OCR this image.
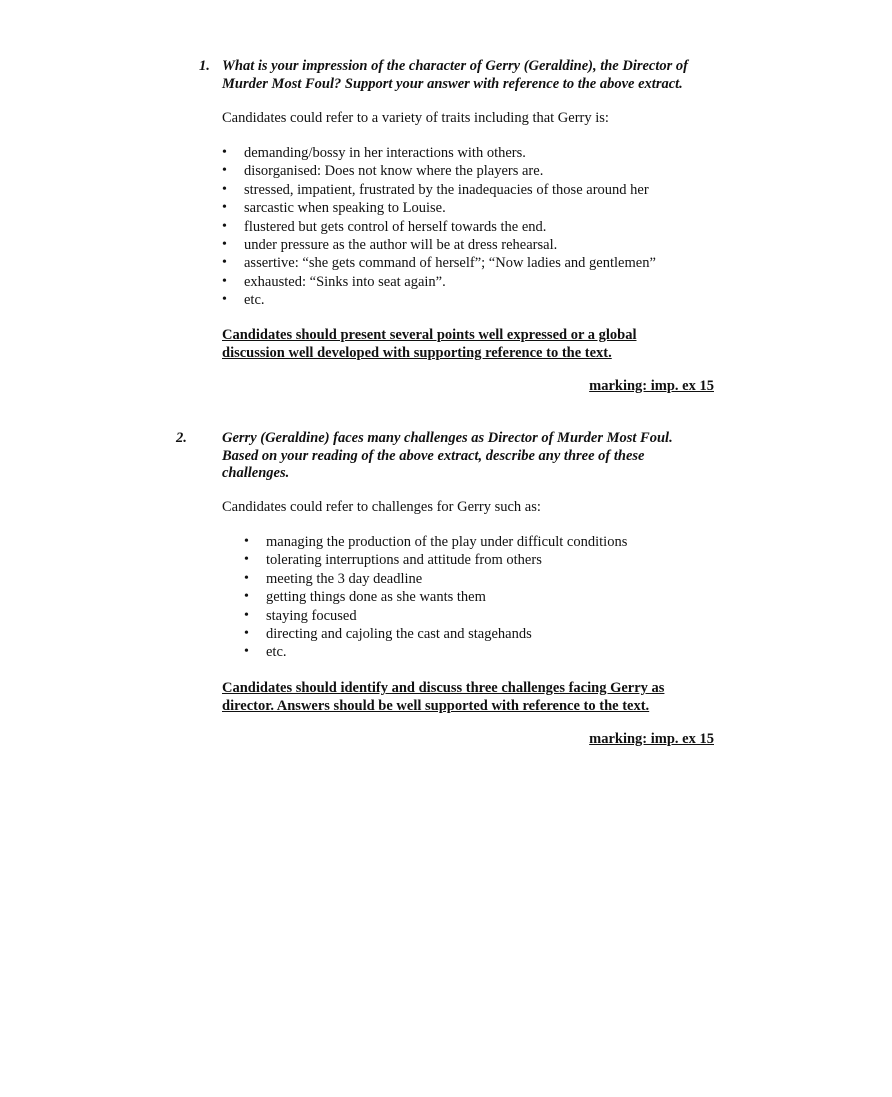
1. What is your impression of the character of Gerry (Geraldine), the Director of
Murder Most Foul? Support your answer with reference to the above extract.
Candidates could refer to a variety of traits including that Gerry is:
• demanding/bossy in her interactions with others.
• disorganised: Does not know where the players are.
• stressed, impatient, frustrated by the inadequacies of those around her
• sarcastic when speaking to Louise.
• flustered but gets control of herself towards the end.
• under pressure as the author will be at dress rehearsal.
• assertive: “she gets command of herself”; “Now ladies and gentlemen”
• exhausted: “Sinks into seat again”.
• etc.
Candidates should present several points well expressed or a global
discussion well developed with supporting reference to the text.
marking: imp. ex 15
2. Gerry (Geraldine) faces many challenges as Director of Murder Most Foul.
Based on your reading of the above extract, describe any three of these
challenges.
Candidates could refer to challenges for Gerry such as:
• managing the production of the play under difficult conditions
• tolerating interruptions and attitude from others
• meeting the 3 day deadline
• getting things done as she wants them
• staying focused
• directing and cajoling the cast and stagehands
• etc.
Candidates should identify and discuss three challenges facing Gerry as
director. Answers should be well supported with reference to the text.
marking: imp. ex 15
